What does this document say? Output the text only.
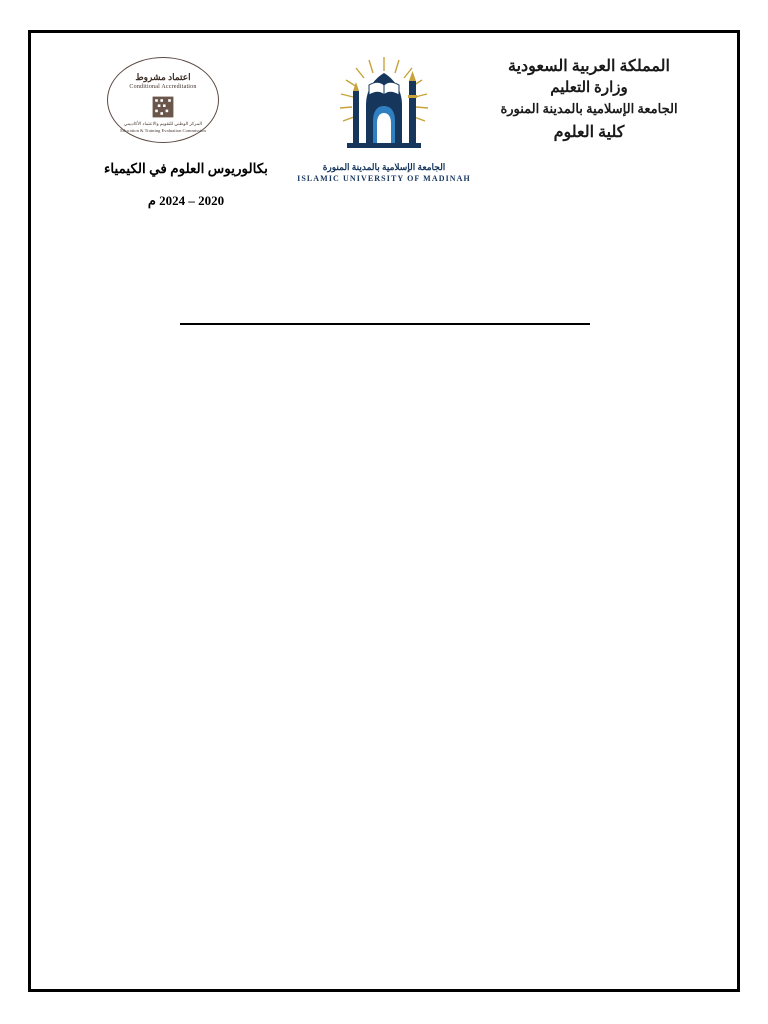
المملكة العربية السعودية
وزارة التعليم
الجامعة الإسلامية بالمدينة المنورة
كلية العلوم
الجامعة الإسلامية بالمدينة المنورة
ISLAMIC UNIVERSITY OF MADINAH
اعتماد مشروط
Conditional Accreditation
المركز الوطني للتقويم والاعتماد الأكاديمي
Education & Training Evaluation Commission
بكالوريوس العلوم في الكيمياء
2020 – 2024 م
